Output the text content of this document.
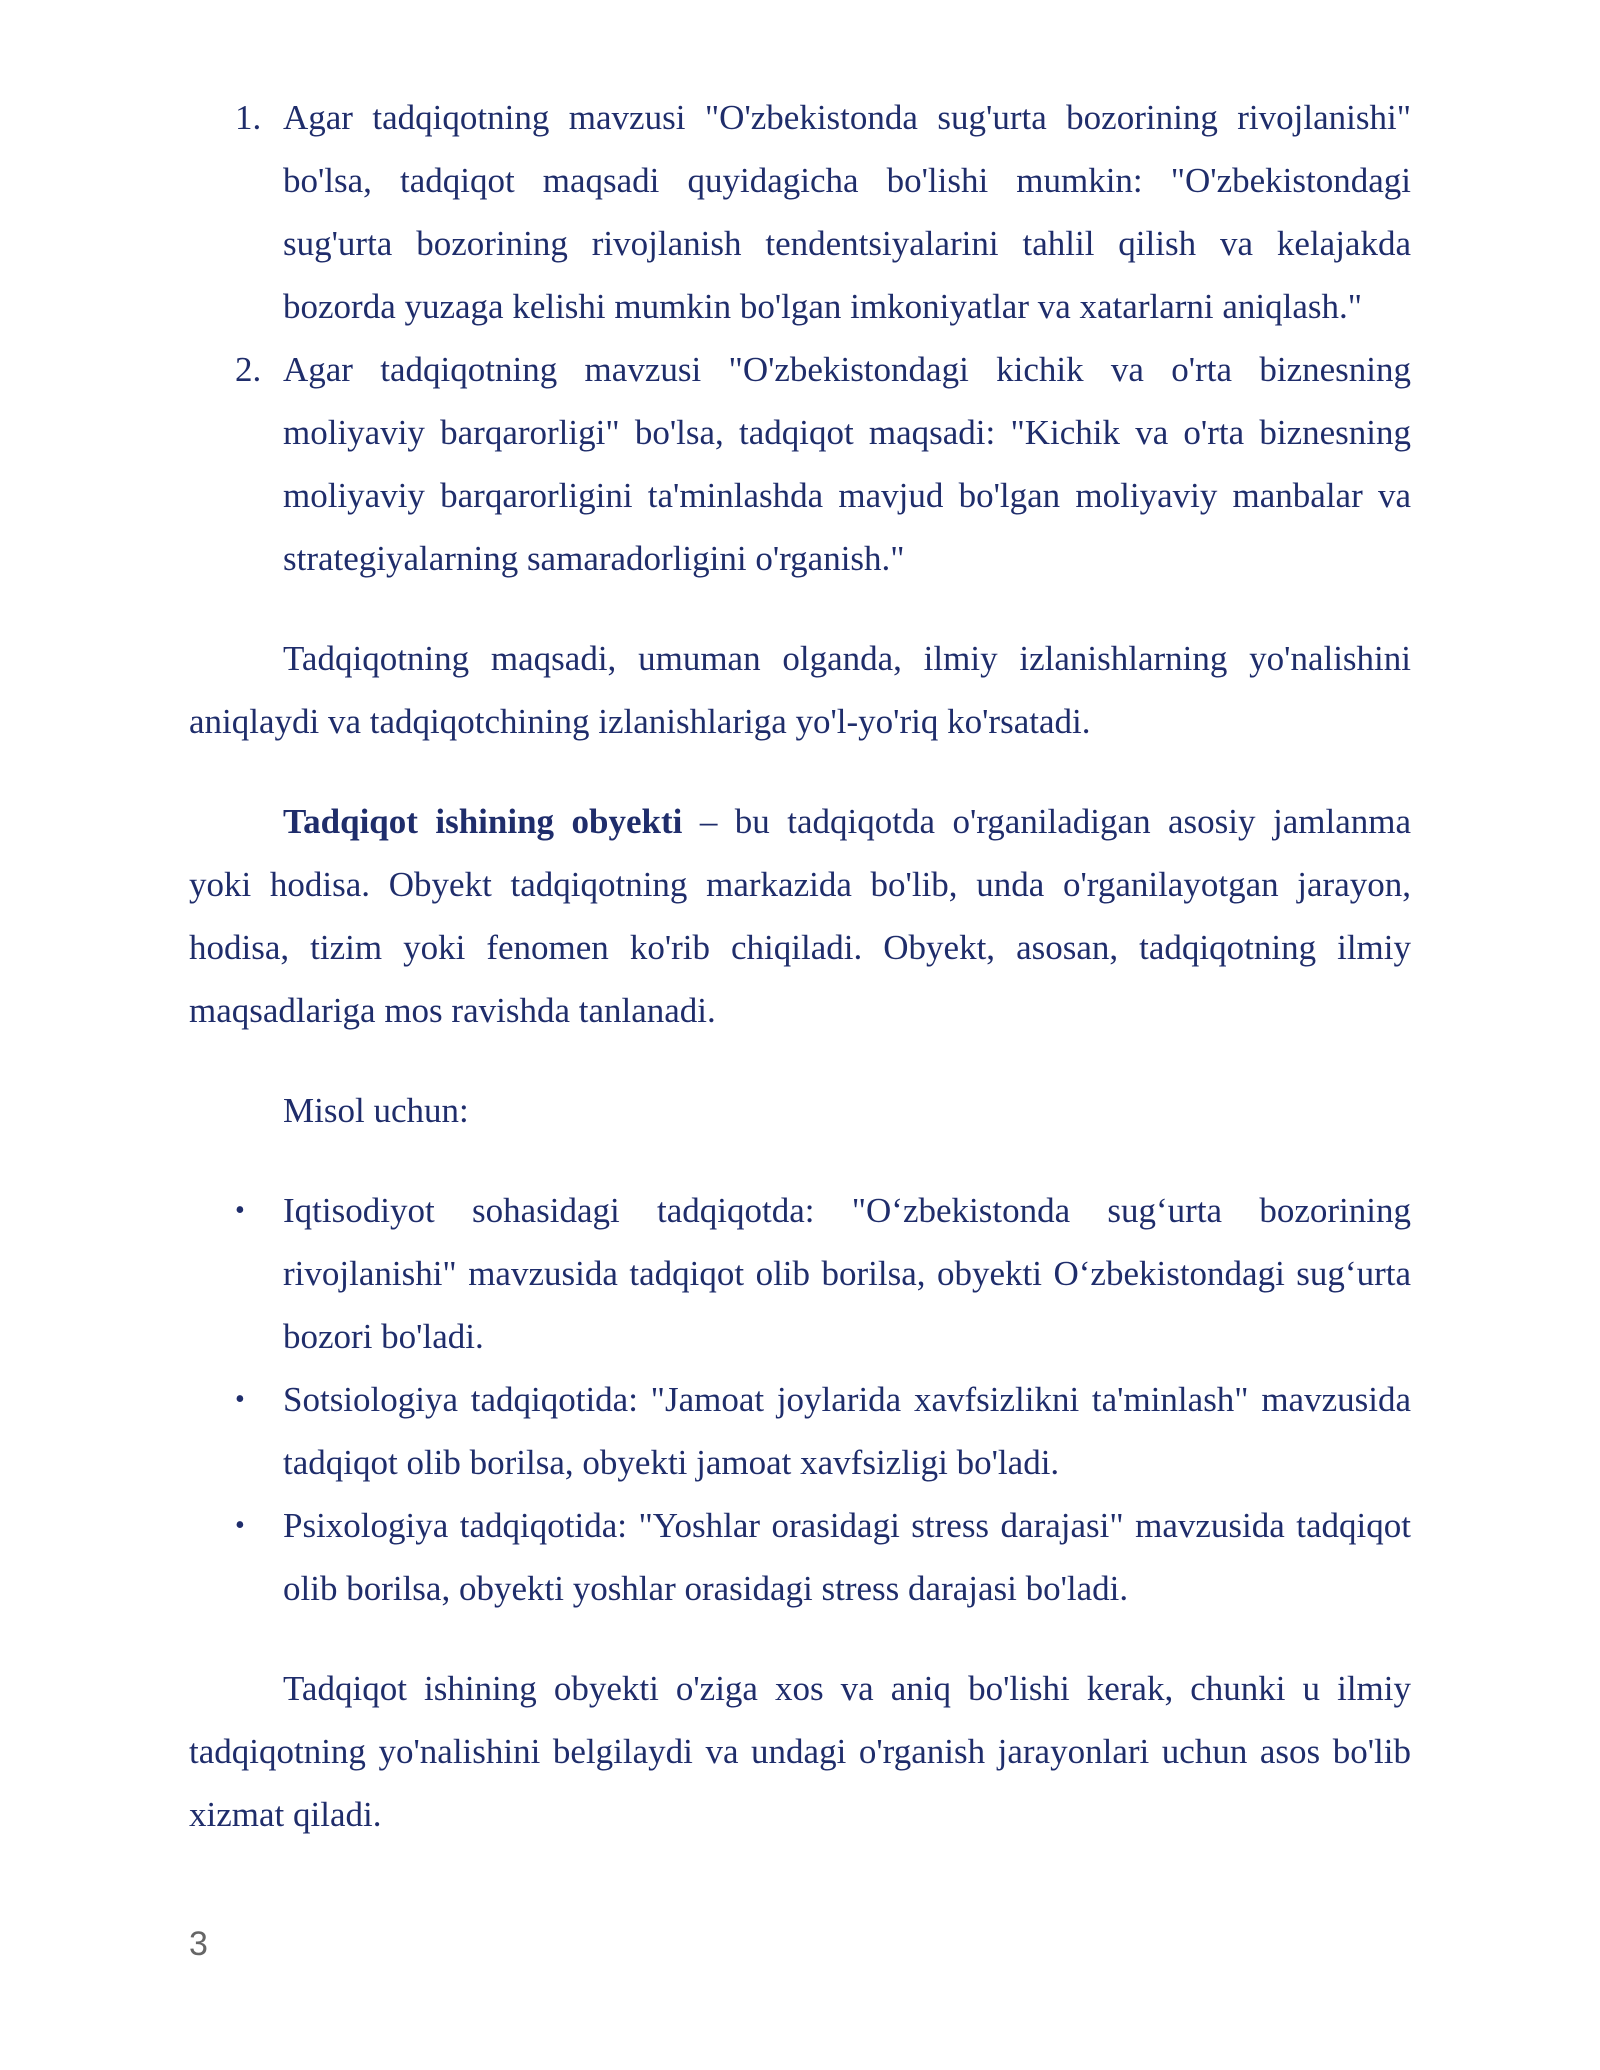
1. Agar tadqiqotning mavzusi "O'zbekistonda sug'urta bozorining rivojlanishi" bo'lsa, tadqiqot maqsadi quyidagicha bo'lishi mumkin: "O'zbekistondagi sug'urta bozorining rivojlanish tendentsiyalarini tahlil qilish va kelajakda bozorda yuzaga kelishi mumkin bo'lgan imkoniyatlar va xatarlarni aniqlash."
2. Agar tadqiqotning mavzusi "O'zbekistondagi kichik va o'rta biznesning moliyaviy barqarorligi" bo'lsa, tadqiqot maqsadi: "Kichik va o'rta biznesning moliyaviy barqarorligini ta'minlashda mavjud bo'lgan moliyaviy manbalar va strategiyalarning samaradorligini o'rganish."

Tadqiqotning maqsadi, umuman olganda, ilmiy izlanishlarning yo'nalishini aniqlaydi va tadqiqotchining izlanishlariga yo'l-yo'riq ko'rsatadi.

Tadqiqot ishining obyekti – bu tadqiqotda o'rganiladigan asosiy jamlanma yoki hodisa. Obyekt tadqiqotning markazida bo'lib, unda o'rganilayotgan jarayon, hodisa, tizim yoki fenomen ko'rib chiqiladi. Obyekt, asosan, tadqiqotning ilmiy maqsadlariga mos ravishda tanlanadi.

Misol uchun:

• Iqtisodiyot sohasidagi tadqiqotda: "O‘zbekistonda sug‘urta bozorining rivojlanishi" mavzusida tadqiqot olib borilsa, obyekti O‘zbekistondagi sug‘urta bozori bo'ladi.
• Sotsiologiya tadqiqotida: "Jamoat joylarida xavfsizlikni ta'minlash" mavzusida tadqiqot olib borilsa, obyekti jamoat xavfsizligi bo'ladi.
• Psixologiya tadqiqotida: "Yoshlar orasidagi stress darajasi" mavzusida tadqiqot olib borilsa, obyekti yoshlar orasidagi stress darajasi bo'ladi.

Tadqiqot ishining obyekti o'ziga xos va aniq bo'lishi kerak, chunki u ilmiy tadqiqotning yo'nalishini belgilaydi va undagi o'rganish jarayonlari uchun asos bo'lib xizmat qiladi.

3
